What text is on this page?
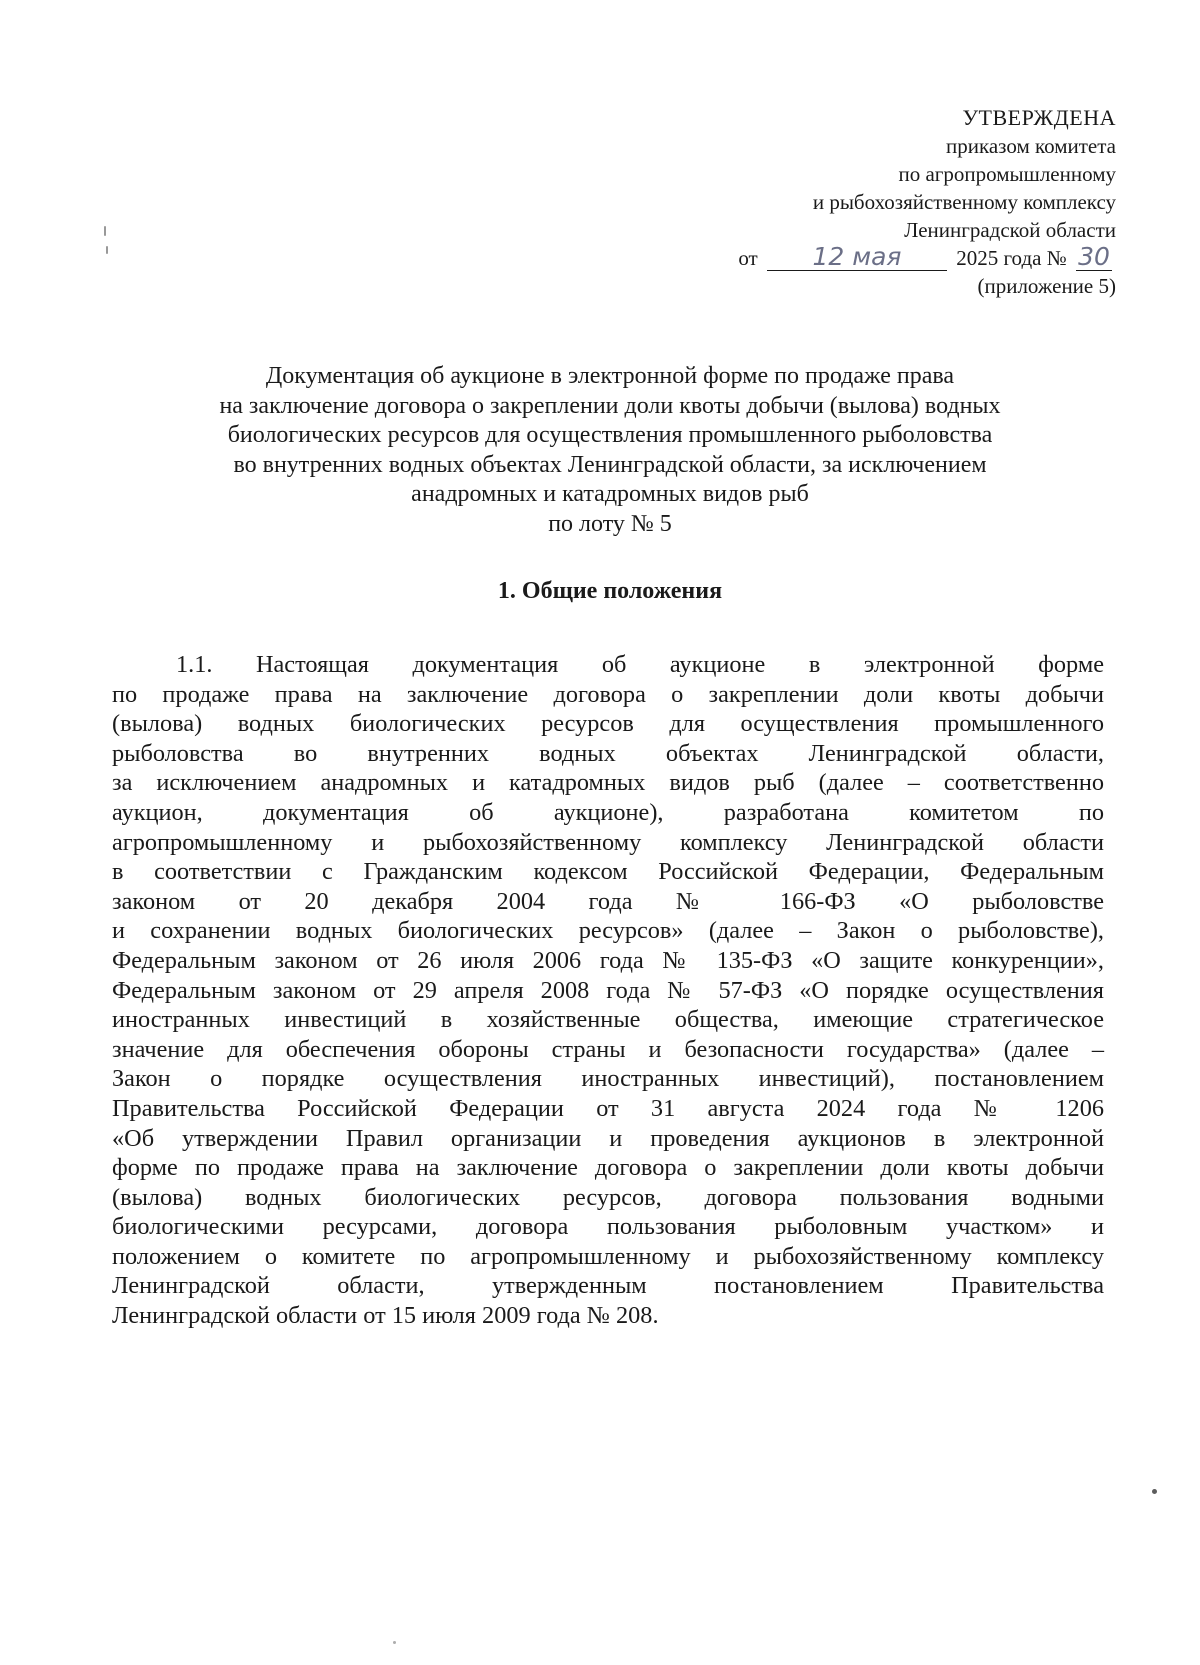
УТВЕРЖДЕНА
приказом комитета
по агропромышленному
и рыбохозяйственному комплексу
Ленинградской области
от 12 мая	2025 года № 30
(приложение 5)
Документация об аукционе в электронной форме по продаже права
на заключение договора о закреплении доли квоты добычи (вылова) водных
биологических ресурсов для осуществления промышленного рыболовства
во внутренних водных объектах Ленинградской области, за исключением
анадромных и катадромных видов рыб
по лоту № 5
1. Общие положения
1.1. Настоящая документация об аукционе в электронной форме
по продаже права на заключение договора о закреплении доли квоты добычи
(вылова) водных биологических ресурсов для осуществления промышленного
рыболовства во внутренних водных объектах Ленинградской области,
за исключением анадромных и катадромных видов рыб (далее – соответственно
аукцион, документация об аукционе), разработана комитетом по
агропромышленному и рыбохозяйственному комплексу Ленинградской области
в соответствии с Гражданским кодексом Российской Федерации, Федеральным
законом от 20 декабря 2004 года № 166-ФЗ «О рыболовстве
и сохранении водных биологических ресурсов» (далее – Закон о рыболовстве),
Федеральным законом от 26 июля 2006 года № 135-ФЗ «О защите конкуренции»,
Федеральным законом от 29 апреля 2008 года № 57-ФЗ «О порядке осуществления
иностранных инвестиций в хозяйственные общества, имеющие стратегическое
значение для обеспечения обороны страны и безопасности государства» (далее –
Закон о порядке осуществления иностранных инвестиций), постановлением
Правительства Российской Федерации от 31 августа 2024 года № 1206
«Об утверждении Правил организации и проведения аукционов в электронной
форме по продаже права на заключение договора о закреплении доли квоты добычи
(вылова) водных биологических ресурсов, договора пользования водными
биологическими ресурсами, договора пользования рыболовным участком» и
положением о комитете по агропромышленному и рыбохозяйственному комплексу
Ленинградской области, утвержденным постановлением Правительства
Ленинградской области от 15 июля 2009 года № 208.
